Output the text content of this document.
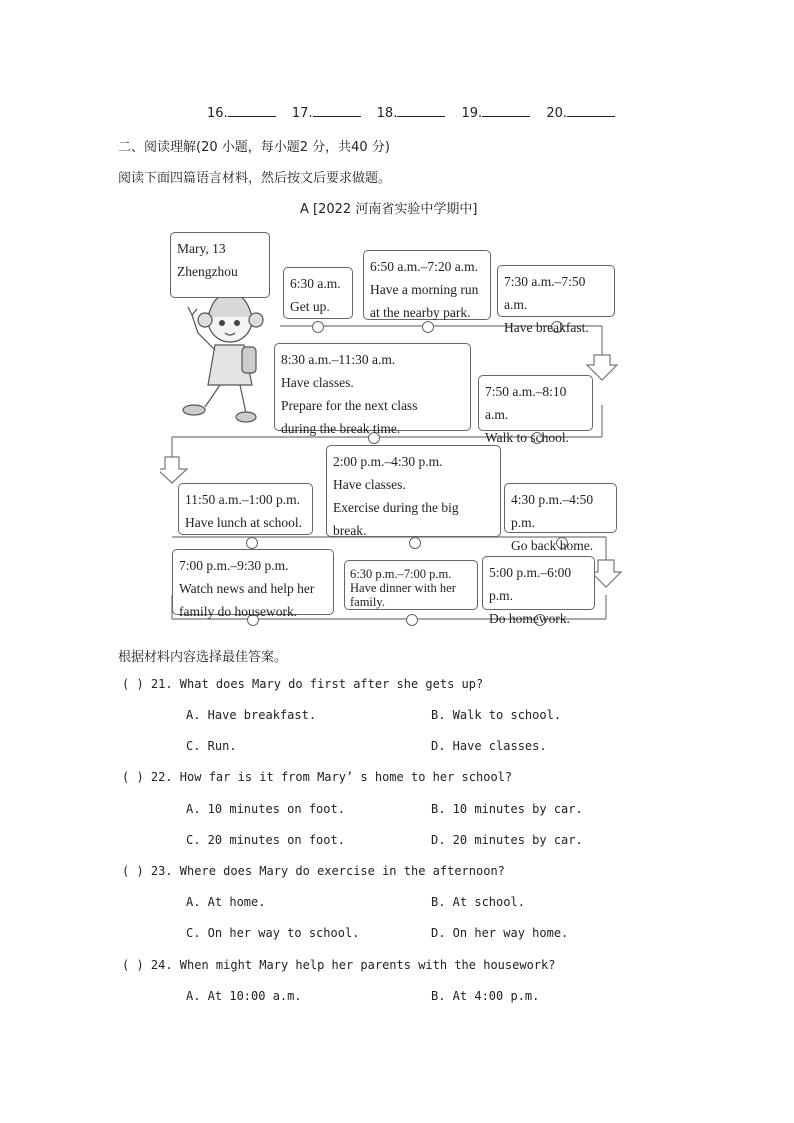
16.	17.	18.	19.	20.
二、阅读理解(20 小题，每小题2 分，共40 分)
阅读下面四篇语言材料，然后按文后要求做题。
A [2022 河南省实验中学期中]
Mary, 13
Zhengzhou
6:30 a.m.
Get up.
6:50 a.m.–7:20 a.m.
Have a morning run
at the nearby park.
7:30 a.m.–7:50 a.m.
Have breakfast.
8:30 a.m.–11:30 a.m.
Have classes.
Prepare for the next class
during the break time.
7:50 a.m.–8:10 a.m.
Walk to school.
11:50 a.m.–1:00 p.m.
Have lunch at school.
2:00 p.m.–4:30 p.m.
Have classes.
Exercise during the big
break.
4:30 p.m.–4:50 p.m.
Go back home.
7:00 p.m.–9:30 p.m.
Watch news and help her
family do housework.
6:30 p.m.–7:00 p.m.
Have dinner with her
family.
5:00 p.m.–6:00 p.m.
Do homework.
根据材料内容选择最佳答案。
( ) 21. What does Mary do first after she gets up?
A. Have breakfast.	B. Walk to school.
C. Run.	D. Have classes.
( ) 22. How far is it from Mary’ s home to her school?
A. 10 minutes on foot.	B. 10 minutes by car.
C. 20 minutes on foot.	D. 20 minutes by car.
( ) 23. Where does Mary do exercise in the afternoon?
A. At home.	B. At school.
C. On her way to school.	D. On her way home.
( ) 24. When might Mary help her parents with the housework?
A. At 10:00 a.m.	B. At 4:00 p.m.
